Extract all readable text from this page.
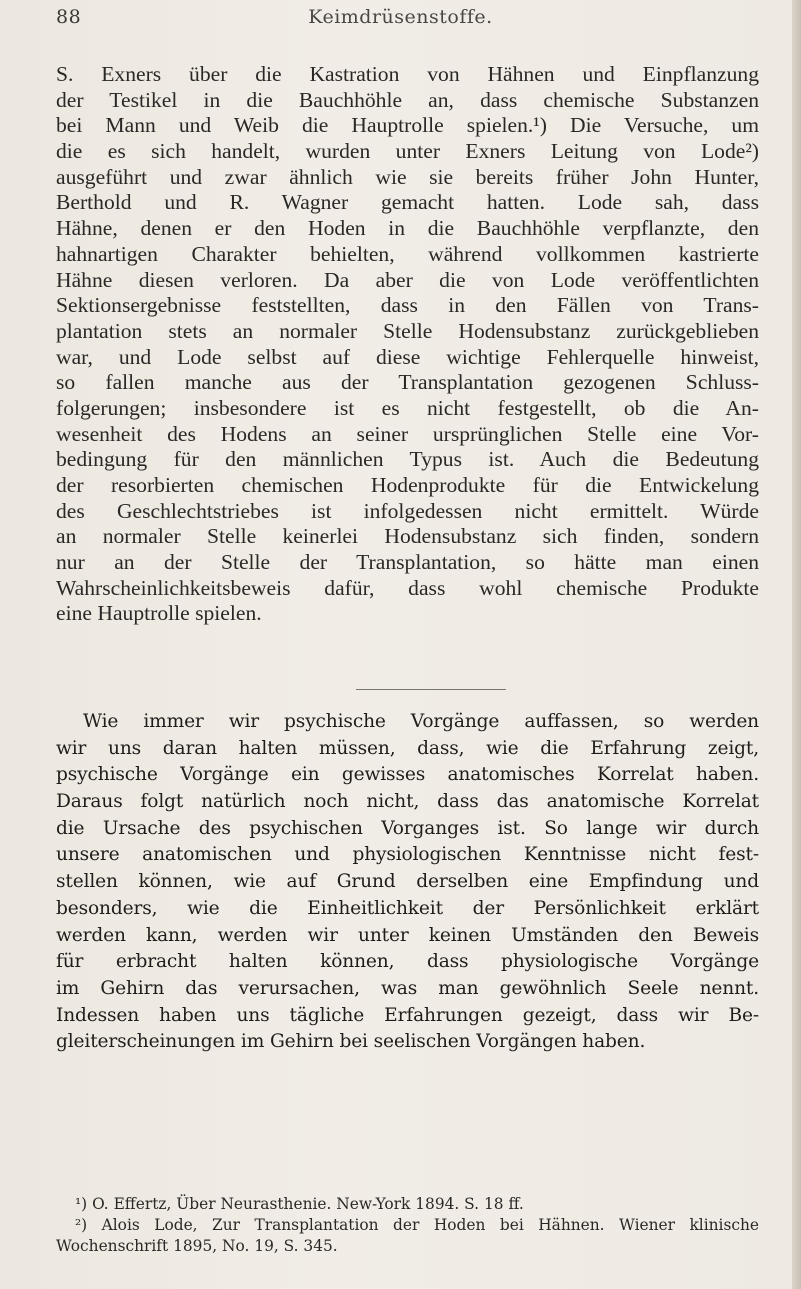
88	Keimdrüsenstoffe.
S. Exners über die Kastration von Hähnen und Einpflanzung
der Testikel in die Bauchhöhle an, dass chemische Substanzen
bei Mann und Weib die Hauptrolle spielen.¹) Die Versuche, um
die es sich handelt, wurden unter Exners Leitung von Lode²)
ausgeführt und zwar ähnlich wie sie bereits früher John Hunter,
Berthold und R. Wagner gemacht hatten. Lode sah, dass
Hähne, denen er den Hoden in die Bauchhöhle verpflanzte, den
hahnartigen Charakter behielten, während vollkommen kastrierte
Hähne diesen verloren. Da aber die von Lode veröffentlichten
Sektionsergebnisse feststellten, dass in den Fällen von Trans-
plantation stets an normaler Stelle Hodensubstanz zurückgeblieben
war, und Lode selbst auf diese wichtige Fehlerquelle hinweist,
so fallen manche aus der Transplantation gezogenen Schluss-
folgerungen; insbesondere ist es nicht festgestellt, ob die An-
wesenheit des Hodens an seiner ursprünglichen Stelle eine Vor-
bedingung für den männlichen Typus ist. Auch die Bedeutung
der resorbierten chemischen Hodenprodukte für die Entwickelung
des Geschlechtstriebes ist infolgedessen nicht ermittelt. Würde
an normaler Stelle keinerlei Hodensubstanz sich finden, sondern
nur an der Stelle der Transplantation, so hätte man einen
Wahrscheinlichkeitsbeweis dafür, dass wohl chemische Produkte
eine Hauptrolle spielen.
Wie immer wir psychische Vorgänge auffassen, so werden
wir uns daran halten müssen, dass, wie die Erfahrung zeigt,
psychische Vorgänge ein gewisses anatomisches Korrelat haben.
Daraus folgt natürlich noch nicht, dass das anatomische Korrelat
die Ursache des psychischen Vorganges ist. So lange wir durch
unsere anatomischen und physiologischen Kenntnisse nicht fest-
stellen können, wie auf Grund derselben eine Empfindung und
besonders, wie die Einheitlichkeit der Persönlichkeit erklärt
werden kann, werden wir unter keinen Umständen den Beweis
für erbracht halten können, dass physiologische Vorgänge
im Gehirn das verursachen, was man gewöhnlich Seele nennt.
Indessen haben uns tägliche Erfahrungen gezeigt, dass wir Be-
gleiterscheinungen im Gehirn bei seelischen Vorgängen haben.
¹) O. Effertz, Über Neurasthenie. New-York 1894. S. 18 ff.
²) Alois Lode, Zur Transplantation der Hoden bei Hähnen. Wiener klinische
Wochenschrift 1895, No. 19, S. 345.
